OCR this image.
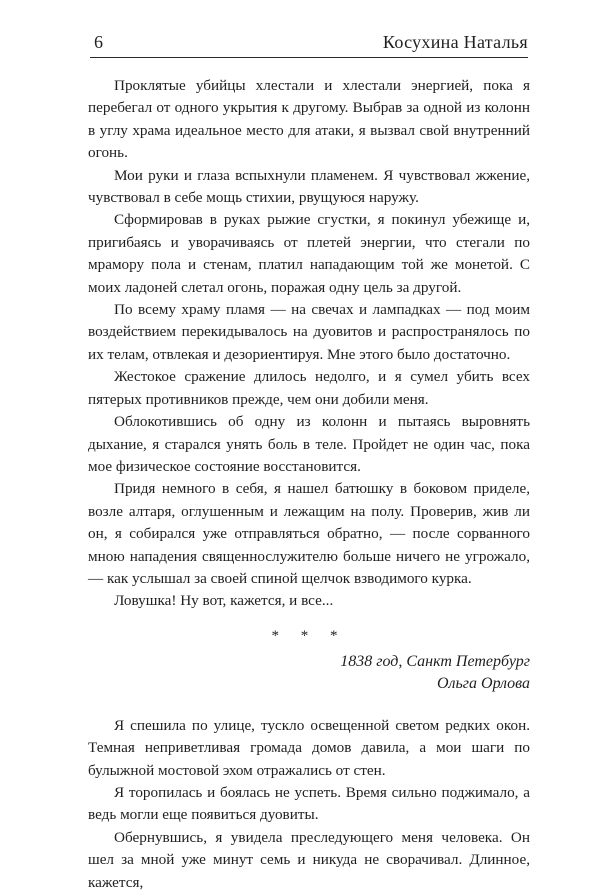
6	Косухина Наталья

Проклятые убийцы хлестали и хлестали энергией, пока я перебегал от одного укрытия к другому. Выбрав за одной из колонн в углу храма идеальное место для атаки, я вызвал свой внутренний огонь.

Мои руки и глаза вспыхнули пламенем. Я чувствовал жжение, чувствовал в себе мощь стихии, рвущуюся наружу.

Сформировав в руках рыжие сгустки, я покинул убежище и, пригибаясь и уворачиваясь от плетей энергии, что стегали по мрамору пола и стенам, платил нападающим той же монетой. С моих ладоней слетал огонь, поражая одну цель за другой.

По всему храму пламя — на свечах и лампадках — под моим воздействием перекидывалось на дуовитов и распространялось по их телам, отвлекая и дезориентируя. Мне этого было достаточно.

Жестокое сражение длилось недолго, и я сумел убить всех пятерых противников прежде, чем они добили меня.

Облокотившись об одну из колонн и пытаясь выровнять дыхание, я старался унять боль в теле. Пройдет не один час, пока мое физическое состояние восстановится.

Придя немного в себя, я нашел батюшку в боковом приделе, возле алтаря, оглушенным и лежащим на полу. Проверив, жив ли он, я собирался уже отправляться обратно, — после сорванного мною нападения священнослужителю больше ничего не угрожало, — как услышал за своей спиной щелчок взводимого курка.

Ловушка! Ну вот, кажется, и все...

* * *

1838 год, Санкт Петербург

Ольга Орлова

Я спешила по улице, тускло освещенной светом редких окон. Темная неприветливая громада домов давила, а мои шаги по булыжной мостовой эхом отражались от стен.

Я торопилась и боялась не успеть. Время сильно поджимало, а ведь могли еще появиться дуовиты.

Обернувшись, я увидела преследующего меня человека. Он шел за мной уже минут семь и никуда не сворачивал. Длинное, кажется,
